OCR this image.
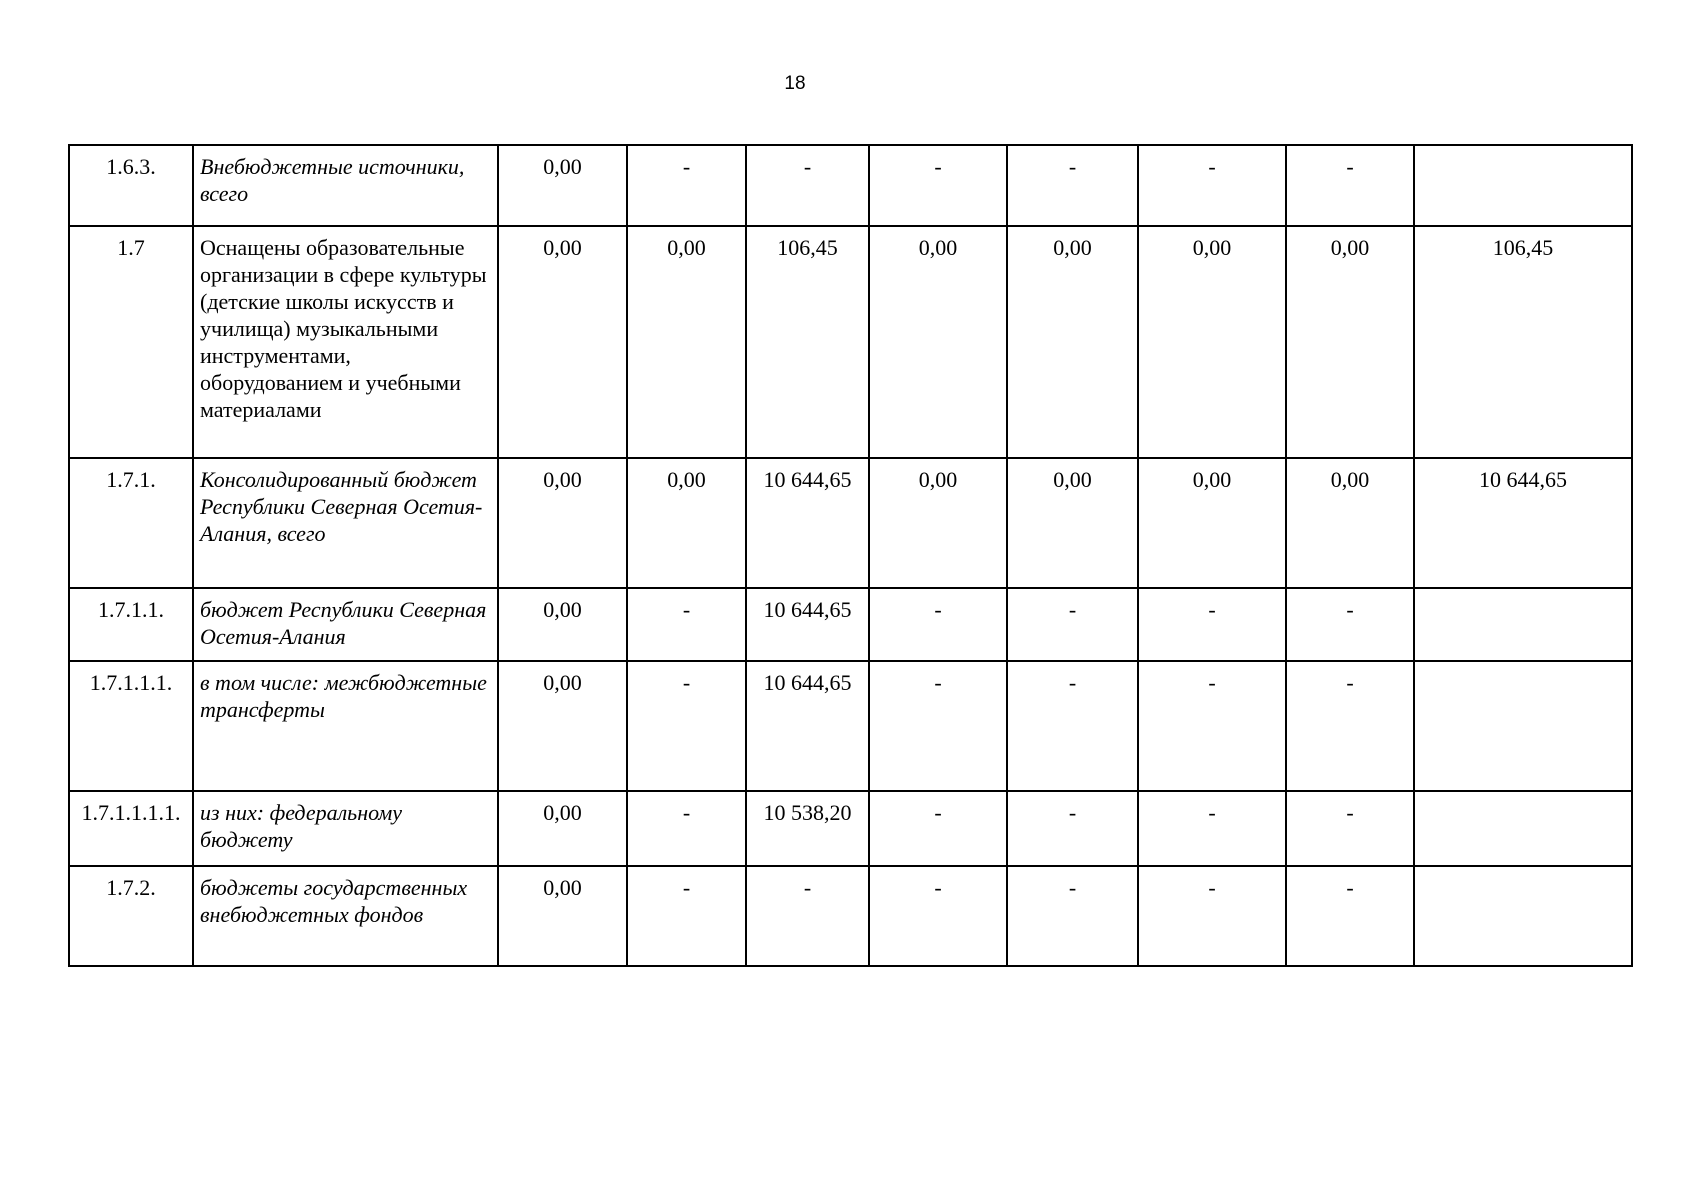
18
1.6.3.	Внебюджетные источники, всего	0,00	-	-	-	-	-	-	
1.7	Оснащены образовательные организации в сфере культуры (детские школы искусств и училища) музыкальными инструментами, оборудованием и учебными материалами	0,00	0,00	106,45	0,00	0,00	0,00	0,00	106,45
1.7.1.	Консолидированный бюджет Республики Северная Осетия-Алания, всего	0,00	0,00	10 644,65	0,00	0,00	0,00	0,00	10 644,65
1.7.1.1.	бюджет Республики Северная Осетия-Алания	0,00	-	10 644,65	-	-	-	-	
1.7.1.1.1.	в том числе: межбюджетные трансферты	0,00	-	10 644,65	-	-	-	-	
1.7.1.1.1.1.	из них: федеральному бюджету	0,00	-	10 538,20	-	-	-	-	
1.7.2.	бюджеты государственных внебюджетных фондов	0,00	-	-	-	-	-	-	
